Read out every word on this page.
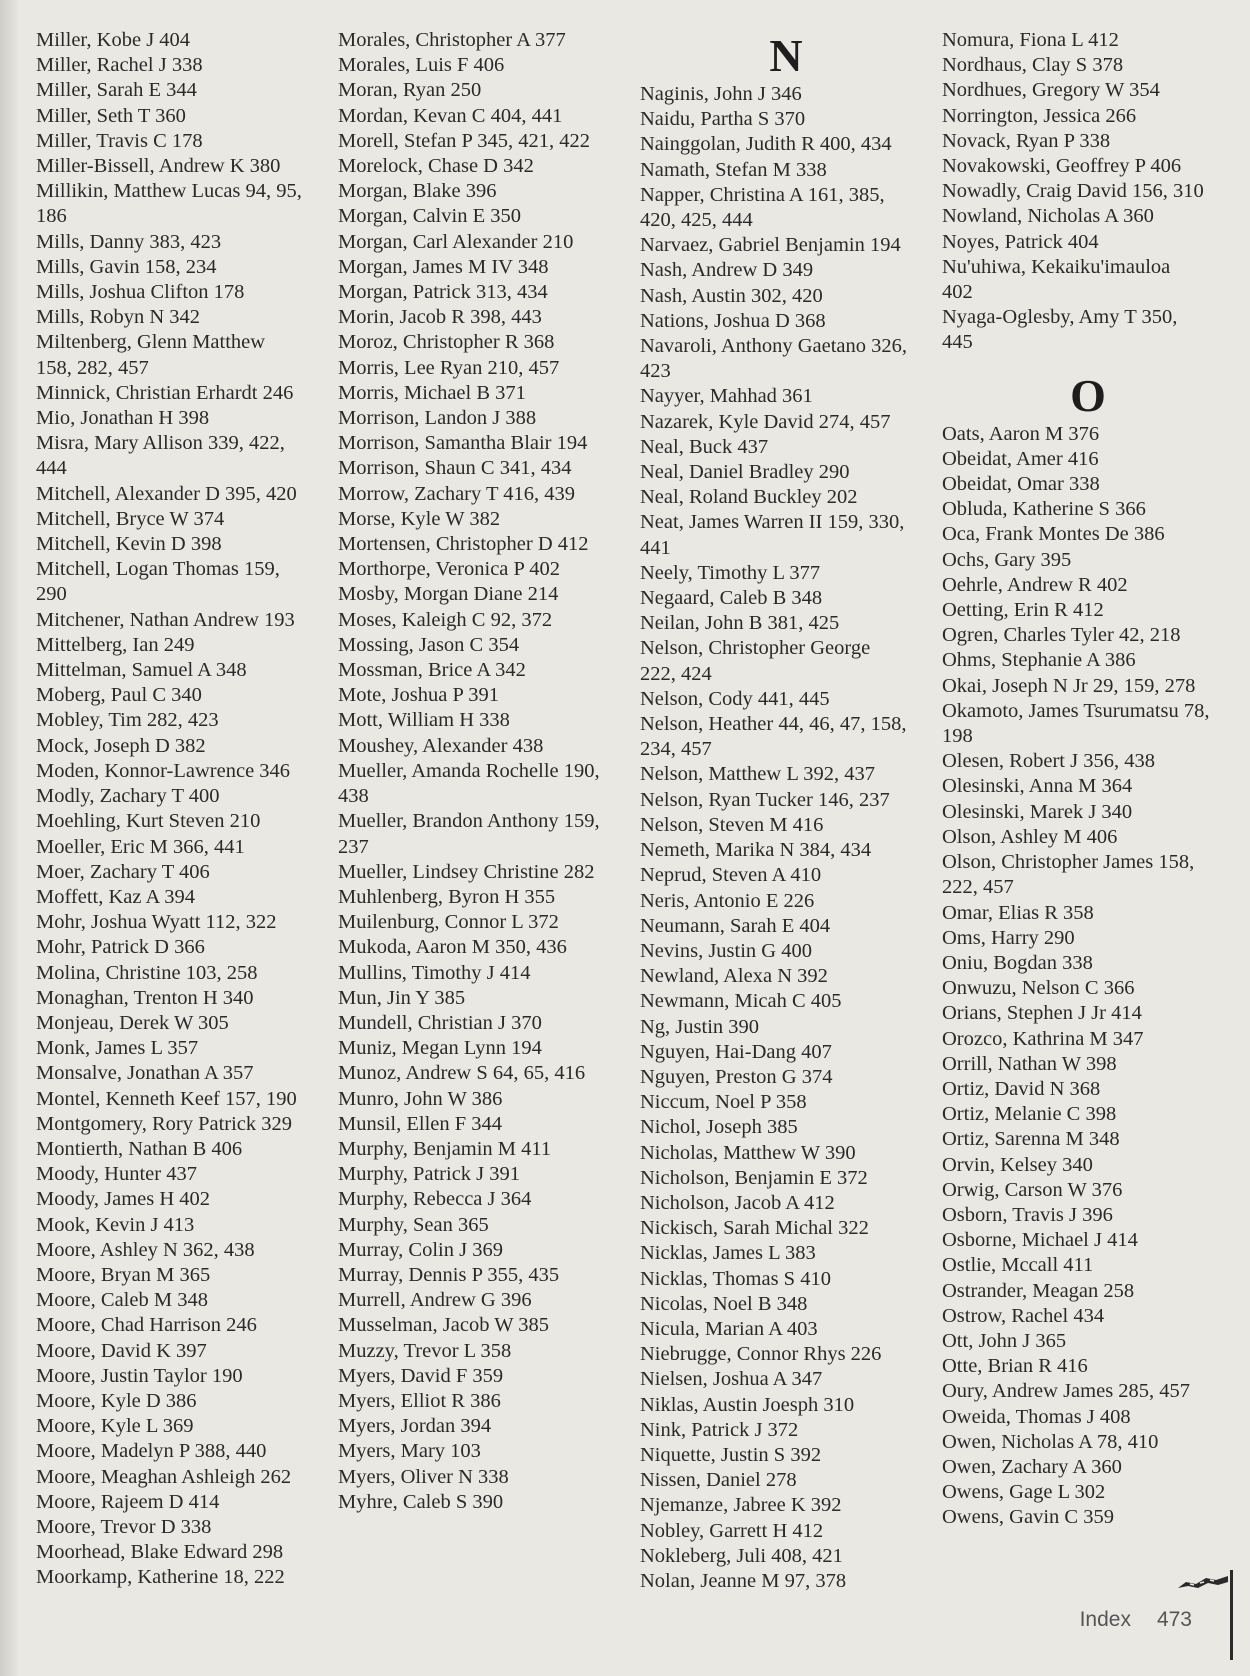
Miller, Kobe J 404
Miller, Rachel J 338
Miller, Sarah E 344
Miller, Seth T 360
Miller, Travis C 178
Miller-Bissell, Andrew K 380
Millikin, Matthew Lucas 94, 95,
186
Mills, Danny 383, 423
Mills, Gavin 158, 234
Mills, Joshua Clifton 178
Mills, Robyn N 342
Miltenberg, Glenn Matthew
158, 282, 457
Minnick, Christian Erhardt 246
Mio, Jonathan H 398
Misra, Mary Allison 339, 422,
444
Mitchell, Alexander D 395, 420
Mitchell, Bryce W 374
Mitchell, Kevin D 398
Mitchell, Logan Thomas 159,
290
Mitchener, Nathan Andrew 193
Mittelberg, Ian 249
Mittelman, Samuel A 348
Moberg, Paul C 340
Mobley, Tim 282, 423
Mock, Joseph D 382
Moden, Konnor-Lawrence 346
Modly, Zachary T 400
Moehling, Kurt Steven 210
Moeller, Eric M 366, 441
Moer, Zachary T 406
Moffett, Kaz A 394
Mohr, Joshua Wyatt 112, 322
Mohr, Patrick D 366
Molina, Christine 103, 258
Monaghan, Trenton H 340
Monjeau, Derek W 305
Monk, James L 357
Monsalve, Jonathan A 357
Montel, Kenneth Keef 157, 190
Montgomery, Rory Patrick 329
Montierth, Nathan B 406
Moody, Hunter 437
Moody, James H 402
Mook, Kevin J 413
Moore, Ashley N 362, 438
Moore, Bryan M 365
Moore, Caleb M 348
Moore, Chad Harrison 246
Moore, David K 397
Moore, Justin Taylor 190
Moore, Kyle D 386
Moore, Kyle L 369
Moore, Madelyn P 388, 440
Moore, Meaghan Ashleigh 262
Moore, Rajeem D 414
Moore, Trevor D 338
Moorhead, Blake Edward 298
Moorkamp, Katherine 18, 222
Morales, Christopher A 377
Morales, Luis F 406
Moran, Ryan 250
Mordan, Kevan C 404, 441
Morell, Stefan P 345, 421, 422
Morelock, Chase D 342
Morgan, Blake 396
Morgan, Calvin E 350
Morgan, Carl Alexander 210
Morgan, James M IV 348
Morgan, Patrick 313, 434
Morin, Jacob R 398, 443
Moroz, Christopher R 368
Morris, Lee Ryan 210, 457
Morris, Michael B 371
Morrison, Landon J 388
Morrison, Samantha Blair 194
Morrison, Shaun C 341, 434
Morrow, Zachary T 416, 439
Morse, Kyle W 382
Mortensen, Christopher D 412
Morthorpe, Veronica P 402
Mosby, Morgan Diane 214
Moses, Kaleigh C 92, 372
Mossing, Jason C 354
Mossman, Brice A 342
Mote, Joshua P 391
Mott, William H 338
Moushey, Alexander 438
Mueller, Amanda Rochelle 190,
438
Mueller, Brandon Anthony 159,
237
Mueller, Lindsey Christine 282
Muhlenberg, Byron H 355
Muilenburg, Connor L 372
Mukoda, Aaron M 350, 436
Mullins, Timothy J 414
Mun, Jin Y 385
Mundell, Christian J 370
Muniz, Megan Lynn 194
Munoz, Andrew S 64, 65, 416
Munro, John W 386
Munsil, Ellen F 344
Murphy, Benjamin M 411
Murphy, Patrick J 391
Murphy, Rebecca J 364
Murphy, Sean 365
Murray, Colin J 369
Murray, Dennis P 355, 435
Murrell, Andrew G 396
Musselman, Jacob W 385
Muzzy, Trevor L 358
Myers, David F 359
Myers, Elliot R 386
Myers, Jordan 394
Myers, Mary 103
Myers, Oliver N 338
Myhre, Caleb S 390
N
Naginis, John J 346
Naidu, Partha S 370
Nainggolan, Judith R 400, 434
Namath, Stefan M 338
Napper, Christina A 161, 385,
420, 425, 444
Narvaez, Gabriel Benjamin 194
Nash, Andrew D 349
Nash, Austin 302, 420
Nations, Joshua D 368
Navaroli, Anthony Gaetano 326,
423
Nayyer, Mahhad 361
Nazarek, Kyle David 274, 457
Neal, Buck 437
Neal, Daniel Bradley 290
Neal, Roland Buckley 202
Neat, James Warren II 159, 330,
441
Neely, Timothy L 377
Negaard, Caleb B 348
Neilan, John B 381, 425
Nelson, Christopher George
222, 424
Nelson, Cody 441, 445
Nelson, Heather 44, 46, 47, 158,
234, 457
Nelson, Matthew L 392, 437
Nelson, Ryan Tucker 146, 237
Nelson, Steven M 416
Nemeth, Marika N 384, 434
Neprud, Steven A 410
Neris, Antonio E 226
Neumann, Sarah E 404
Nevins, Justin G 400
Newland, Alexa N 392
Newmann, Micah C 405
Ng, Justin 390
Nguyen, Hai-Dang 407
Nguyen, Preston G 374
Niccum, Noel P 358
Nichol, Joseph 385
Nicholas, Matthew W 390
Nicholson, Benjamin E 372
Nicholson, Jacob A 412
Nickisch, Sarah Michal 322
Nicklas, James L 383
Nicklas, Thomas S 410
Nicolas, Noel B 348
Nicula, Marian A 403
Niebrugge, Connor Rhys 226
Nielsen, Joshua A 347
Niklas, Austin Joesph 310
Nink, Patrick J 372
Niquette, Justin S 392
Nissen, Daniel 278
Njemanze, Jabree K 392
Nobley, Garrett H 412
Nokleberg, Juli 408, 421
Nolan, Jeanne M 97, 378
Nomura, Fiona L 412
Nordhaus, Clay S 378
Nordhues, Gregory W 354
Norrington, Jessica 266
Novack, Ryan P 338
Novakowski, Geoffrey P 406
Nowadly, Craig David 156, 310
Nowland, Nicholas A 360
Noyes, Patrick 404
Nu'uhiwa, Kekaiku'imauloa
402
Nyaga-Oglesby, Amy T 350,
445
O
Oats, Aaron M 376
Obeidat, Amer 416
Obeidat, Omar 338
Obluda, Katherine S 366
Oca, Frank Montes De 386
Ochs, Gary 395
Oehrle, Andrew R 402
Oetting, Erin R 412
Ogren, Charles Tyler 42, 218
Ohms, Stephanie A 386
Okai, Joseph N Jr 29, 159, 278
Okamoto, James Tsurumatsu 78,
198
Olesen, Robert J 356, 438
Olesinski, Anna M 364
Olesinski, Marek J 340
Olson, Ashley M 406
Olson, Christopher James 158,
222, 457
Omar, Elias R 358
Oms, Harry 290
Oniu, Bogdan 338
Onwuzu, Nelson C 366
Orians, Stephen J Jr 414
Orozco, Kathrina M 347
Orrill, Nathan W 398
Ortiz, David N 368
Ortiz, Melanie C 398
Ortiz, Sarenna M 348
Orvin, Kelsey 340
Orwig, Carson W 376
Osborn, Travis J 396
Osborne, Michael J 414
Ostlie, Mccall 411
Ostrander, Meagan 258
Ostrow, Rachel 434
Ott, John J 365
Otte, Brian R 416
Oury, Andrew James 285, 457
Oweida, Thomas J 408
Owen, Nicholas A 78, 410
Owen, Zachary A 360
Owens, Gage L 302
Owens, Gavin C 359
Index 473
